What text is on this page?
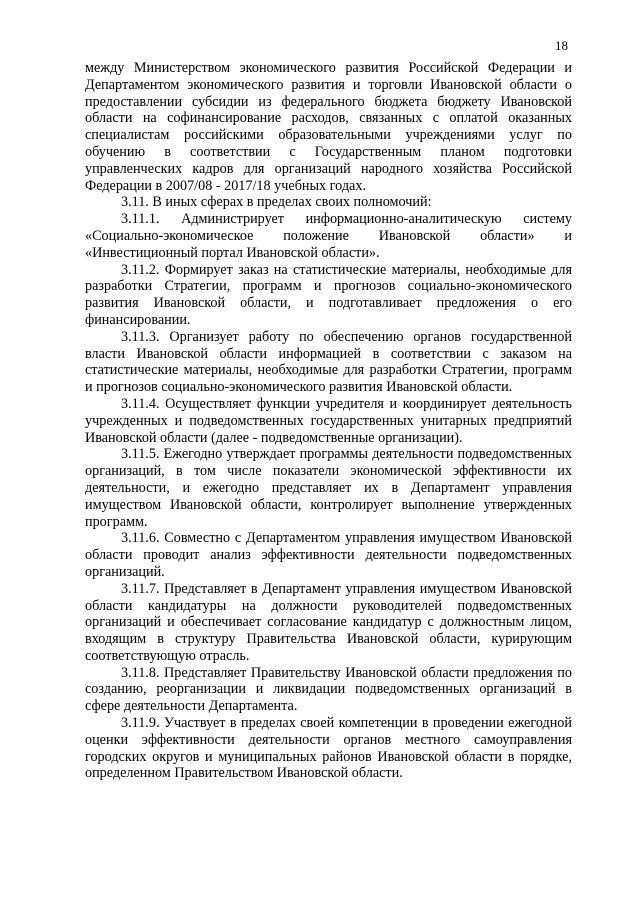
18

между Министерством экономического развития Российской Федерации и Департаментом экономического развития и торговли Ивановской области о предоставлении субсидии из федерального бюджета бюджету Ивановской области на софинансирование расходов, связанных с оплатой оказанных специалистам российскими образовательными учреждениями услуг по обучению в соответствии с Государственным планом подготовки управленческих кадров для организаций народного хозяйства Российской Федерации в 2007/08 - 2017/18 учебных годах.

3.11. В иных сферах в пределах своих полномочий:

3.11.1. Администрирует информационно-аналитическую систему «Социально-экономическое положение Ивановской области» и «Инвестиционный портал Ивановской области».

3.11.2. Формирует заказ на статистические материалы, необходимые для разработки Стратегии, программ и прогнозов социально-экономического развития Ивановской области, и подготавливает предложения о его финансировании.

3.11.3. Организует работу по обеспечению органов государственной власти Ивановской области информацией в соответствии с заказом на статистические материалы, необходимые для разработки Стратегии, программ и прогнозов социально-экономического развития Ивановской области.

3.11.4. Осуществляет функции учредителя и координирует деятельность учрежденных и подведомственных государственных унитарных предприятий Ивановской области (далее - подведомственные организации).

3.11.5. Ежегодно утверждает программы деятельности подведомственных организаций, в том числе показатели экономической эффективности их деятельности, и ежегодно представляет их в Департамент управления имуществом Ивановской области, контролирует выполнение утвержденных программ.

3.11.6. Совместно с Департаментом управления имуществом Ивановской области проводит анализ эффективности деятельности подведомственных организаций.

3.11.7. Представляет в Департамент управления имуществом Ивановской области кандидатуры на должности руководителей подведомственных организаций и обеспечивает согласование кандидатур с должностным лицом, входящим в структуру Правительства Ивановской области, курирующим соответствующую отрасль.

3.11.8. Представляет Правительству Ивановской области предложения по созданию, реорганизации и ликвидации подведомственных организаций в сфере деятельности Департамента.

3.11.9. Участвует в пределах своей компетенции в проведении ежегодной оценки эффективности деятельности органов местного самоуправления городских округов и муниципальных районов Ивановской области в порядке, определенном Правительством Ивановской области.
